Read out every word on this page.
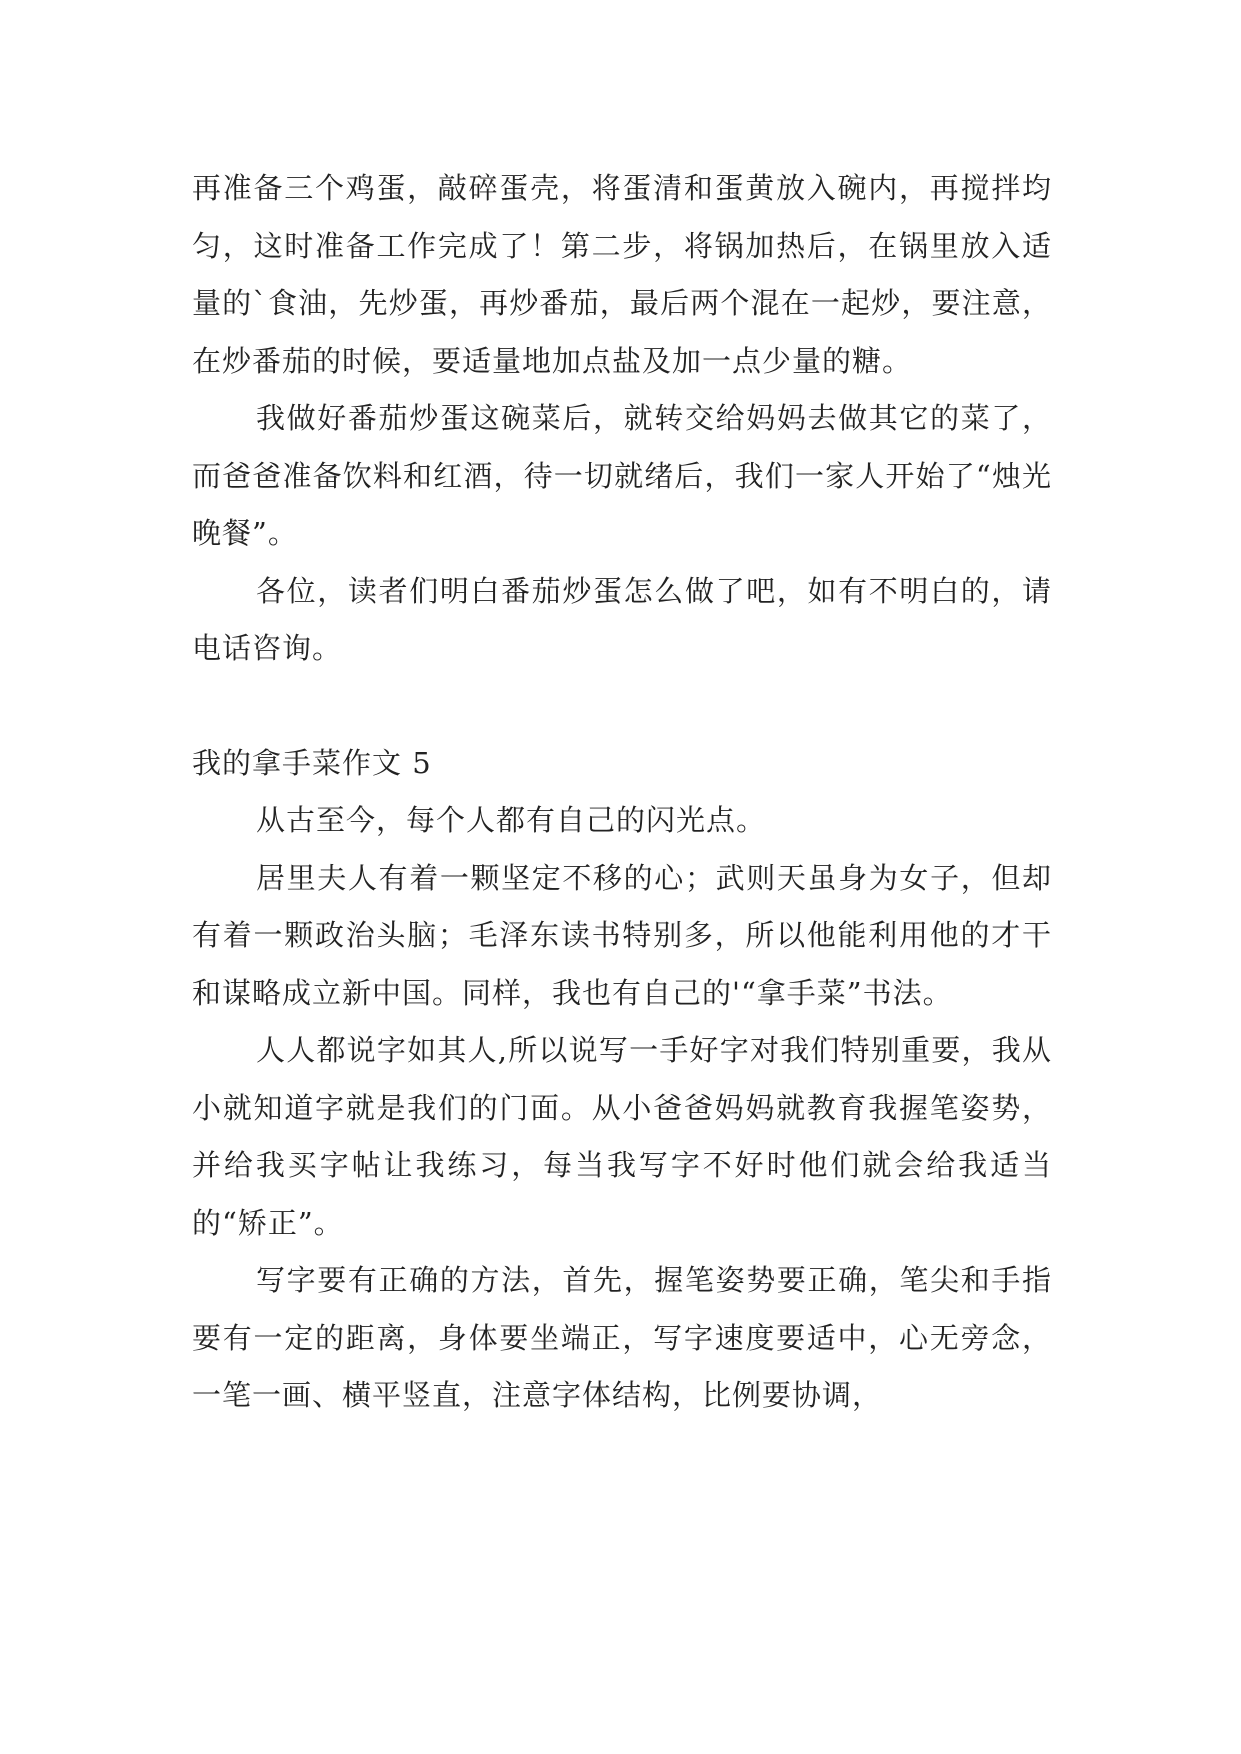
再准备三个鸡蛋，敲碎蛋壳，将蛋清和蛋黄放入碗内，再搅拌均匀，这时准备工作完成了！第二步，将锅加热后，在锅里放入适量的`食油，先炒蛋，再炒番茄，最后两个混在一起炒，要注意，在炒番茄的时候，要适量地加点盐及加一点少量的糖。

我做好番茄炒蛋这碗菜后，就转交给妈妈去做其它的菜了，而爸爸准备饮料和红酒，待一切就绪后，我们一家人开始了“烛光晚餐”。

各位，读者们明白番茄炒蛋怎么做了吧，如有不明白的，请电话咨询。

我的拿手菜作文 5

从古至今，每个人都有自己的闪光点。

居里夫人有着一颗坚定不移的心；武则天虽身为女子，但却有着一颗政治头脑；毛泽东读书特别多，所以他能利用他的才干和谋略成立新中国。同样，我也有自己的'“拿手菜”书法。

人人都说字如其人,所以说写一手好字对我们特别重要，我从小就知道字就是我们的门面。从小爸爸妈妈就教育我握笔姿势，并给我买字帖让我练习，每当我写字不好时他们就会给我适当的“矫正”。

写字要有正确的方法，首先，握笔姿势要正确，笔尖和手指要有一定的距离，身体要坐端正，写字速度要适中，心无旁念，一笔一画、横平竖直，注意字体结构，比例要协调，
